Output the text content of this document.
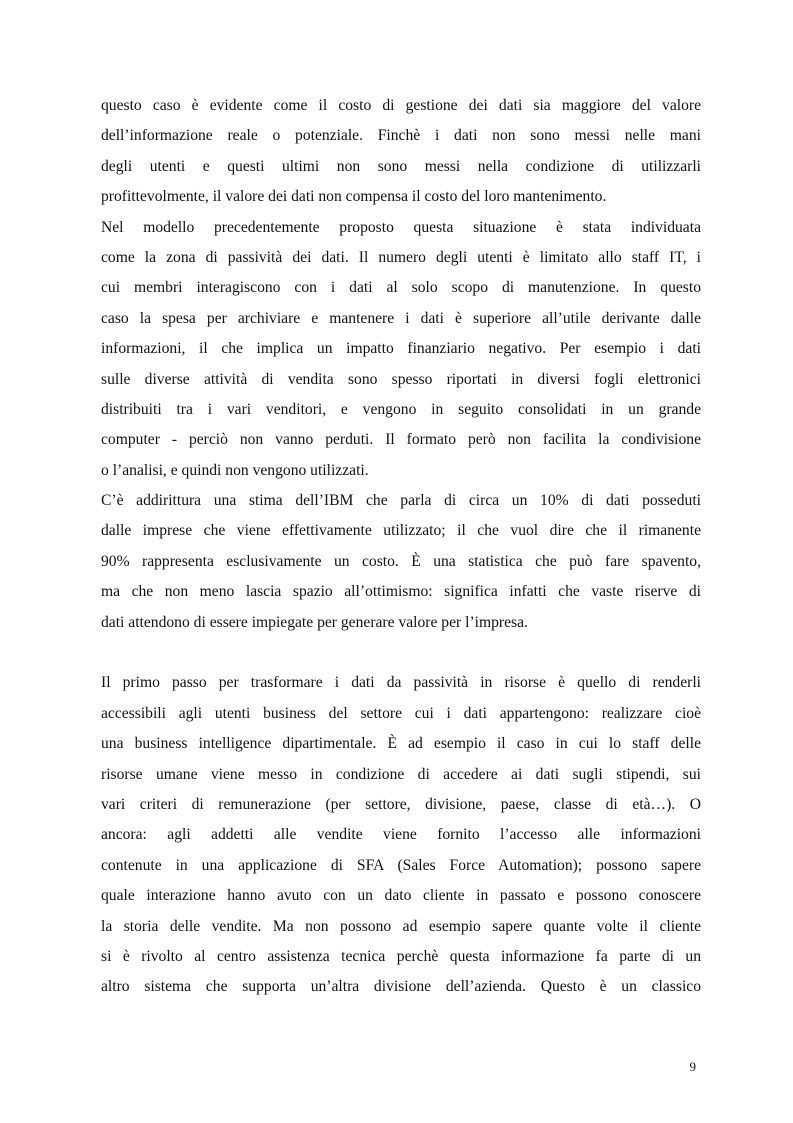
questo caso è evidente come il costo di gestione dei dati sia maggiore del valore
dell’informazione reale o potenziale. Finchè i dati non sono messi nelle mani
degli utenti e questi ultimi non sono messi nella condizione di utilizzarli
profittevolmente, il valore dei dati non compensa il costo del loro mantenimento.

Nel modello precedentemente proposto questa situazione è stata individuata
come la zona di passività dei dati. Il numero degli utenti è limitato allo staff IT, i
cui membri interagiscono con i dati al solo scopo di manutenzione. In questo
caso la spesa per archiviare e mantenere i dati è superiore all’utile derivante dalle
informazioni, il che implica un impatto finanziario negativo. Per esempio i dati
sulle diverse attività di vendita sono spesso riportati in diversi fogli elettronici
distribuiti tra i vari venditori, e vengono in seguito consolidati in un grande
computer - perciò non vanno perduti. Il formato però non facilita la condivisione
o l’analisi, e quindi non vengono utilizzati.

C’è addirittura una stima dell’IBM che parla di circa un 10% di dati posseduti
dalle imprese che viene effettivamente utilizzato; il che vuol dire che il rimanente
90% rappresenta esclusivamente un costo. È una statistica che può fare spavento,
ma che non meno lascia spazio all’ottimismo: significa infatti che vaste riserve di
dati attendono di essere impiegate per generare valore per l’impresa.

Il primo passo per trasformare i dati da passività in risorse è quello di renderli
accessibili agli utenti business del settore cui i dati appartengono: realizzare cioè
una business intelligence dipartimentale. È ad esempio il caso in cui lo staff delle
risorse umane viene messo in condizione di accedere ai dati sugli stipendi, sui
vari criteri di remunerazione (per settore, divisione, paese, classe di età…). O
ancora: agli addetti alle vendite viene fornito l’accesso alle informazioni
contenute in una applicazione di SFA (Sales Force Automation); possono sapere
quale interazione hanno avuto con un dato cliente in passato e possono conoscere
la storia delle vendite. Ma non possono ad esempio sapere quante volte il cliente
si è rivolto al centro assistenza tecnica perchè questa informazione fa parte di un
altro sistema che supporta un’altra divisione dell’azienda. Questo è un classico

9
